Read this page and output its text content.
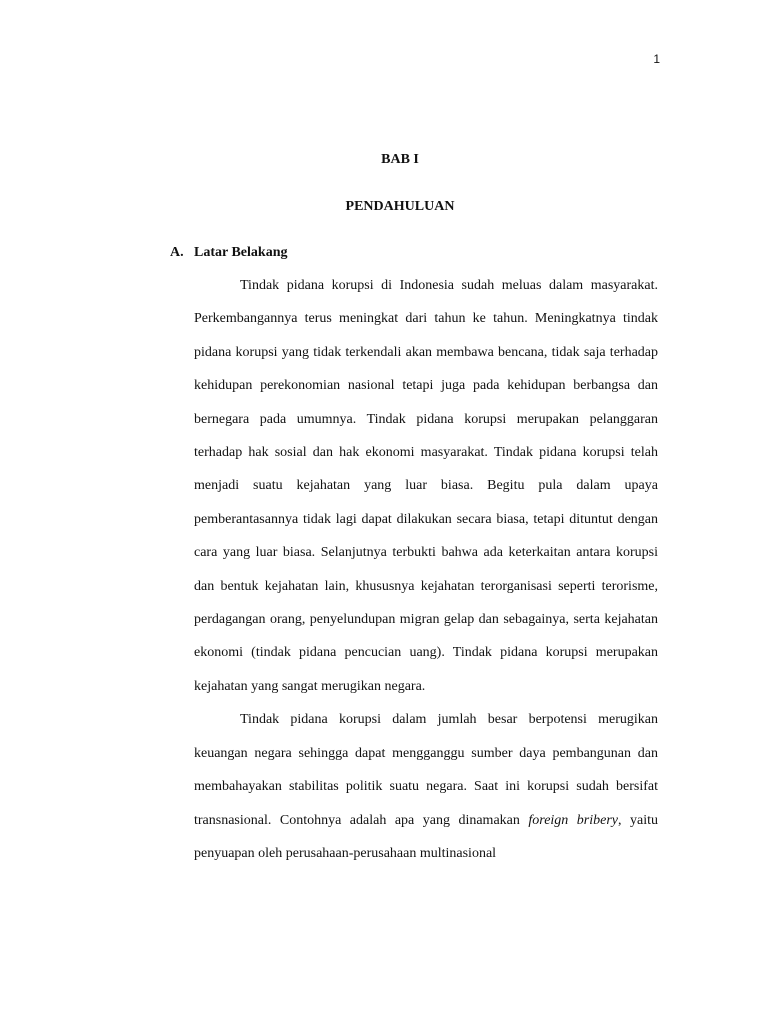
1
BAB I
PENDAHULUAN
A. Latar Belakang

Tindak pidana korupsi di Indonesia sudah meluas dalam masyarakat. Perkembangannya terus meningkat dari tahun ke tahun. Meningkatnya tindak pidana korupsi yang tidak terkendali akan membawa bencana, tidak saja terhadap kehidupan perekonomian nasional tetapi juga pada kehidupan berbangsa dan bernegara pada umumnya. Tindak pidana korupsi merupakan pelanggaran terhadap hak sosial dan hak ekonomi masyarakat. Tindak pidana korupsi telah menjadi suatu kejahatan yang luar biasa. Begitu pula dalam upaya pemberantasannya tidak lagi dapat dilakukan secara biasa, tetapi dituntut dengan cara yang luar biasa. Selanjutnya terbukti bahwa ada keterkaitan antara korupsi dan bentuk kejahatan lain, khususnya kejahatan terorganisasi seperti terorisme, perdagangan orang, penyelundupan migran gelap dan sebagainya, serta kejahatan ekonomi (tindak pidana pencucian uang). Tindak pidana korupsi merupakan kejahatan yang sangat merugikan negara.

Tindak pidana korupsi dalam jumlah besar berpotensi merugikan keuangan negara sehingga dapat mengganggu sumber daya pembangunan dan membahayakan stabilitas politik suatu negara. Saat ini korupsi sudah bersifat transnasional. Contohnya adalah apa yang dinamakan foreign bribery, yaitu penyuapan oleh perusahaan-perusahaan multinasional
